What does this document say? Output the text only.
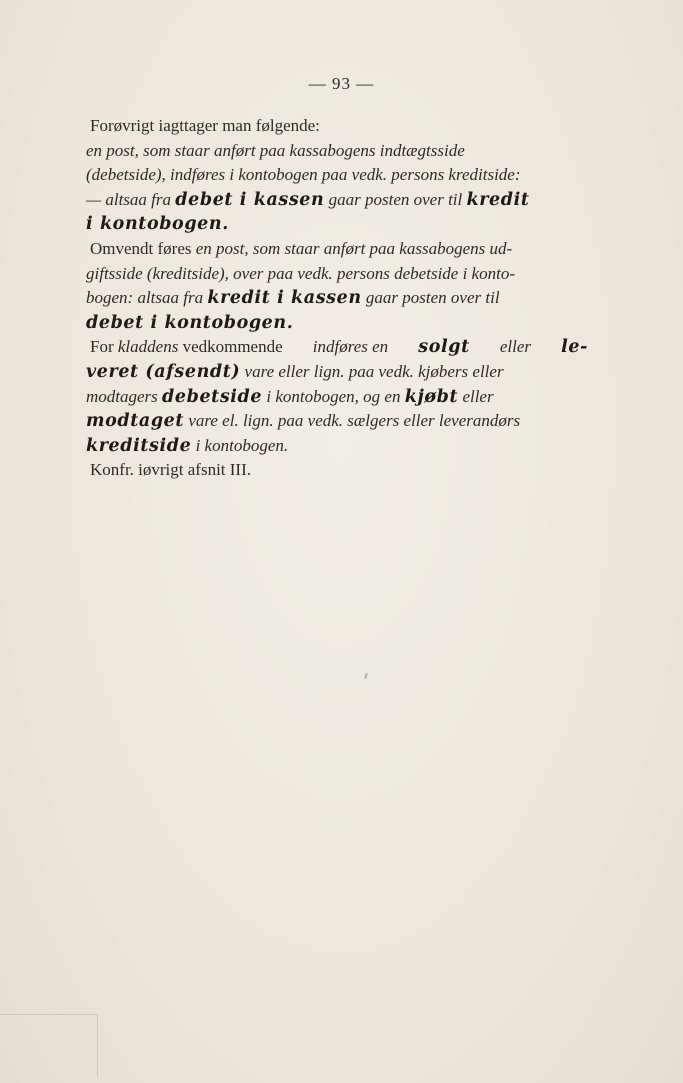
— 93 —
Forøvrigt iagttager man følgende:
en post, som staar anført paa kassabogens indtægtsside
(debetside), indføres i kontobogen paa vedk. persons kreditside:
— altsaa fra debet i kassen gaar posten over til kredit
i kontobogen.
Omvendt føres en post, som staar anført paa kassabogens ud-
giftsside (kreditside), over paa vedk. persons debetside i konto-
bogen: altsaa fra kredit i kassen gaar posten over til
debet i kontobogen.
For kladdens vedkommende indføres en solgt eller le-
veret (afsendt) vare eller lign. paa vedk. kjøbers eller
modtagers debetside i kontobogen, og en kjøbt eller
modtaget vare el. lign. paa vedk. sælgers eller leverandørs
kreditside i kontobogen.
Konfr. iøvrigt afsnit III.
